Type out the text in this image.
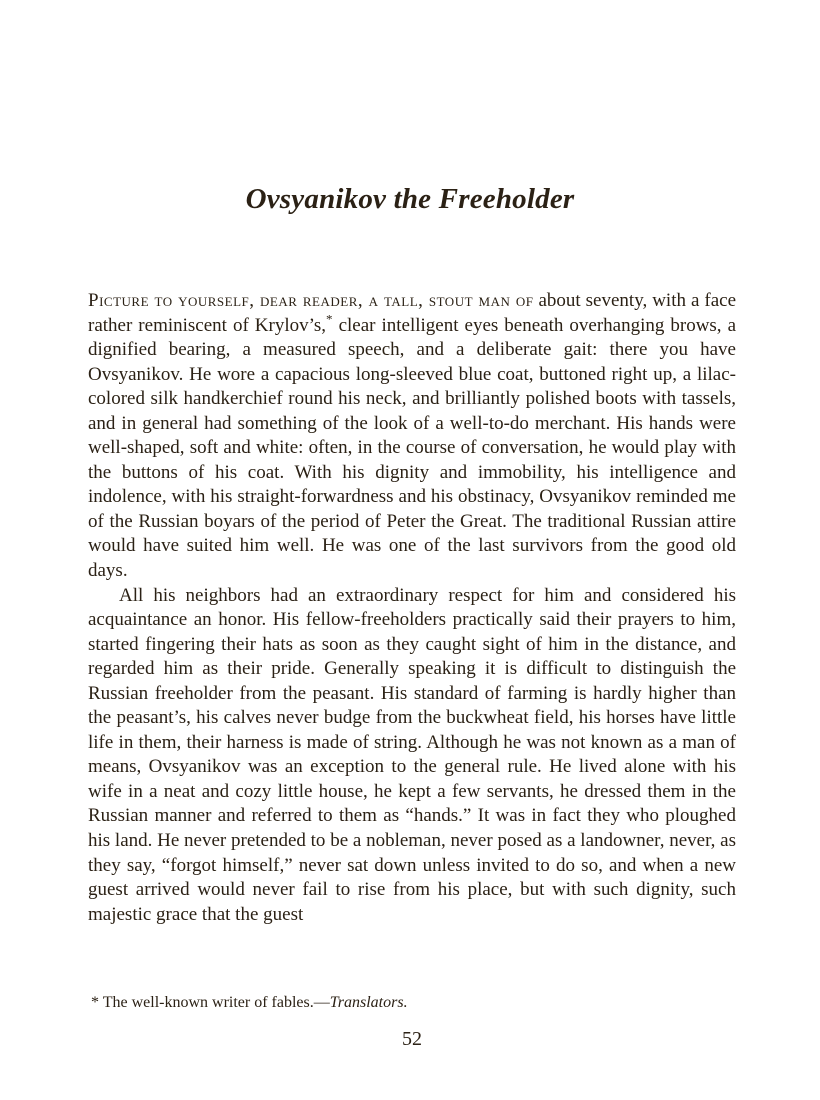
Ovsyanikov the Freeholder

Picture to yourself, dear reader, a tall, stout man of about seventy, with a face rather reminiscent of Krylov’s,* clear intelligent eyes beneath overhanging brows, a dignified bearing, a measured speech, and a deliberate gait: there you have Ovsyanikov. He wore a capacious long-sleeved blue coat, buttoned right up, a lilac-colored silk handkerchief round his neck, and brilliantly polished boots with tassels, and in general had something of the look of a well-to-do merchant. His hands were well-shaped, soft and white: often, in the course of conversation, he would play with the buttons of his coat. With his dignity and immobility, his intelligence and indolence, with his straight-forwardness and his obstinacy, Ovsyanikov reminded me of the Russian boyars of the period of Peter the Great. The traditional Russian attire would have suited him well. He was one of the last survivors from the good old days.

All his neighbors had an extraordinary respect for him and considered his acquaintance an honor. His fellow-freeholders practically said their prayers to him, started fingering their hats as soon as they caught sight of him in the distance, and regarded him as their pride. Generally speaking it is difficult to distinguish the Russian freeholder from the peasant. His standard of farming is hardly higher than the peasant’s, his calves never budge from the buckwheat field, his horses have little life in them, their harness is made of string. Although he was not known as a man of means, Ovsyanikov was an exception to the general rule. He lived alone with his wife in a neat and cozy little house, he kept a few servants, he dressed them in the Russian manner and referred to them as “hands.” It was in fact they who ploughed his land. He never pretended to be a nobleman, never posed as a landowner, never, as they say, “forgot himself,” never sat down unless invited to do so, and when a new guest arrived would never fail to rise from his place, but with such dignity, such majestic grace that the guest

* The well-known writer of fables.—Translators.
52
